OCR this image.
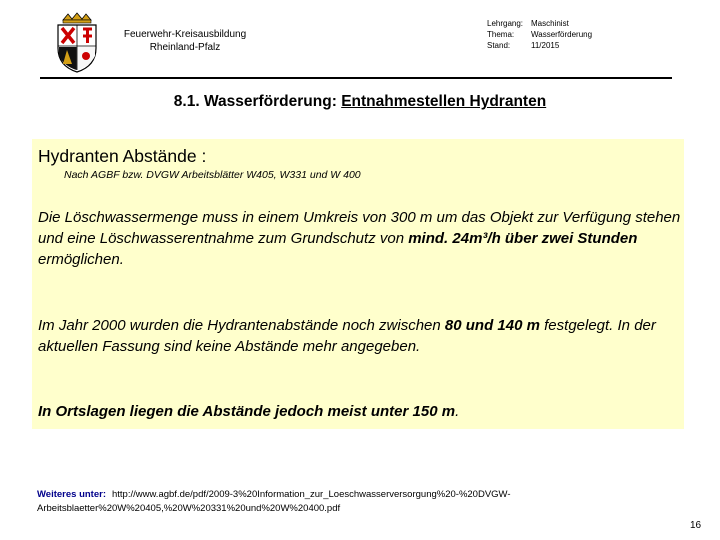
Feuerwehr-Kreisausbildung
Rheinland-Pfalz
Lehrgang: Maschinist
Thema:	Wasserförderung
Stand:	11/2015
8.1. Wasserförderung: Entnahmestellen Hydranten
Hydranten Abstände :
Nach AGBF bzw. DVGW Arbeitsblätter W405, W331 und W 400
Die Löschwassermenge muss in einem Umkreis von 300 m um das Objekt zur Verfügung stehen und eine Löschwasserentnahme zum Grundschutz von mind. 24m³/h über zwei Stunden ermöglichen.
Im Jahr 2000 wurden die Hydrantenabstände noch zwischen 80 und 140 m festgelegt. In der aktuellen Fassung sind keine Abstände mehr angegeben.
In Ortslagen liegen die Abstände jedoch meist unter 150 m.
Weiteres unter: http://www.agbf.de/pdf/2009-3%20Information_zur_Loeschwasserversorgung%20-%20DVGW-Arbeitsblaetter%20W%20405,%20W%20331%20und%20W%20400.pdf
16
